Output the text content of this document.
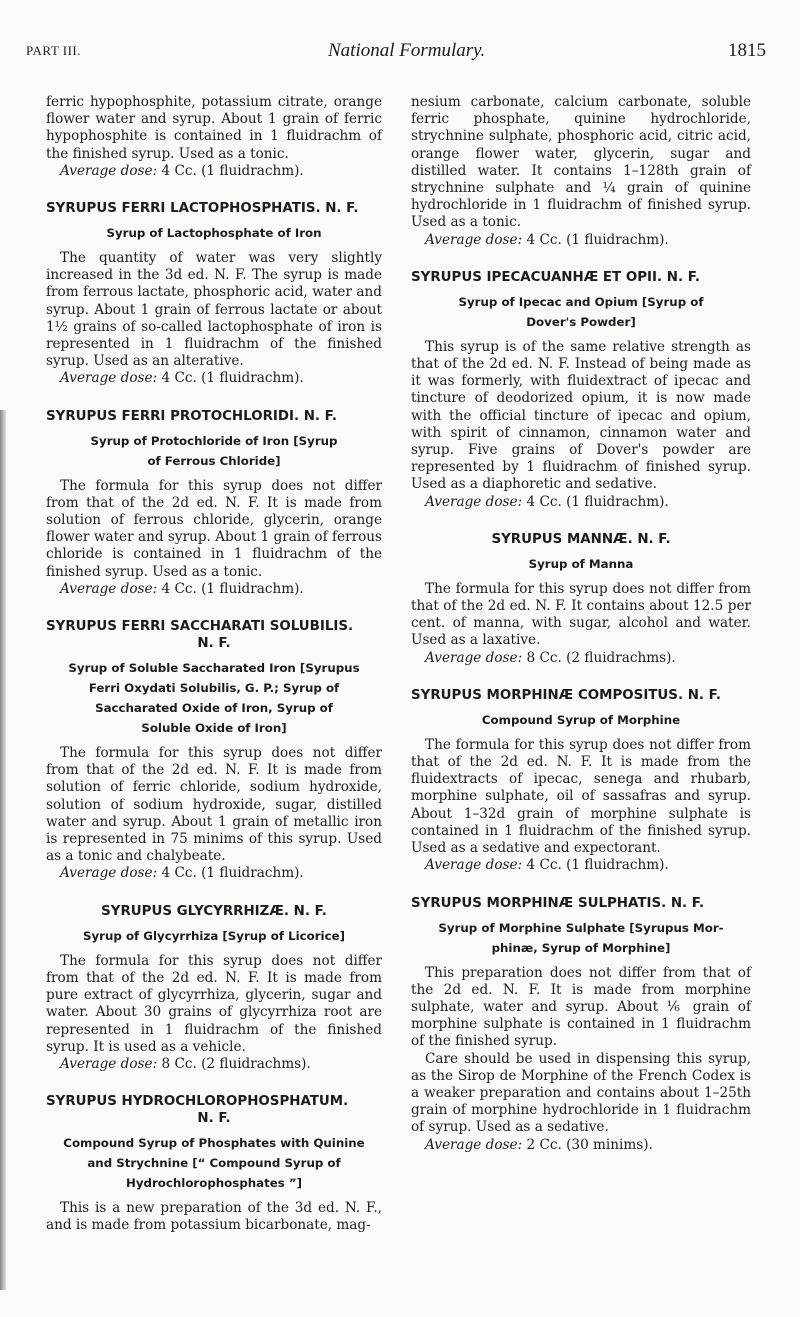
PART III.	National Formulary.	1815

ferric hypophosphite, potassium citrate, orange flower water and syrup. About 1 grain of ferric hypophosphite is contained in 1 fluidrachm of the finished syrup. Used as a tonic.

Average dose: 4 Cc. (1 fluidrachm).

SYRUPUS FERRI LACTOPHOSPHATIS. N. F.
Syrup of Lactophosphate of Iron

The quantity of water was very slightly increased in the 3d ed. N. F. The syrup is made from ferrous lactate, phosphoric acid, water and syrup. About 1 grain of ferrous lactate or about 1½ grains of so-called lactophosphate of iron is represented in 1 fluidrachm of the finished syrup. Used as an alterative.

Average dose: 4 Cc. (1 fluidrachm).

SYRUPUS FERRI PROTOCHLORIDI. N. F.
Syrup of Protochloride of Iron [Syrup
of Ferrous Chloride]

The formula for this syrup does not differ from that of the 2d ed. N. F. It is made from solution of ferrous chloride, glycerin, orange flower water and syrup. About 1 grain of ferrous chloride is contained in 1 fluidrachm of the finished syrup. Used as a tonic.

Average dose: 4 Cc. (1 fluidrachm).

SYRUPUS FERRI SACCHARATI SOLUBILIS.
N. F.
Syrup of Soluble Saccharated Iron [Syrupus
Ferri Oxydati Solubilis, G. P.; Syrup of
Saccharated Oxide of Iron, Syrup of
Soluble Oxide of Iron]

The formula for this syrup does not differ from that of the 2d ed. N. F. It is made from solution of ferric chloride, sodium hydroxide, solution of sodium hydroxide, sugar, distilled water and syrup. About 1 grain of metallic iron is represented in 75 minims of this syrup. Used as a tonic and chalybeate.

Average dose: 4 Cc. (1 fluidrachm).

SYRUPUS GLYCYRRHIZÆ. N. F.
Syrup of Glycyrrhiza [Syrup of Licorice]

The formula for this syrup does not differ from that of the 2d ed. N. F. It is made from pure extract of glycyrrhiza, glycerin, sugar and water. About 30 grains of glycyrrhiza root are represented in 1 fluidrachm of the finished syrup. It is used as a vehicle.

Average dose: 8 Cc. (2 fluidrachms).

SYRUPUS HYDROCHLOROPHOSPHATUM.
N. F.
Compound Syrup of Phosphates with Quinine
and Strychnine [“ Compound Syrup of
Hydrochlorophosphates ”]

This is a new preparation of the 3d ed. N. F., and is made from potassium bicarbonate, mag-

nesium carbonate, calcium carbonate, soluble ferric phosphate, quinine hydrochloride, strychnine sulphate, phosphoric acid, citric acid, orange flower water, glycerin, sugar and distilled water. It contains 1–128th grain of strychnine sulphate and ¼ grain of quinine hydrochloride in 1 fluidrachm of finished syrup. Used as a tonic.

Average dose: 4 Cc. (1 fluidrachm).

SYRUPUS IPECACUANHÆ ET OPII. N. F.
Syrup of Ipecac and Opium [Syrup of
Dover's Powder]

This syrup is of the same relative strength as that of the 2d ed. N. F. Instead of being made as it was formerly, with fluidextract of ipecac and tincture of deodorized opium, it is now made with the official tincture of ipecac and opium, with spirit of cinnamon, cinnamon water and syrup. Five grains of Dover's powder are represented by 1 fluidrachm of finished syrup. Used as a diaphoretic and sedative.

Average dose: 4 Cc. (1 fluidrachm).

SYRUPUS MANNÆ. N. F.
Syrup of Manna

The formula for this syrup does not differ from that of the 2d ed. N. F. It contains about 12.5 per cent. of manna, with sugar, alcohol and water. Used as a laxative.

Average dose: 8 Cc. (2 fluidrachms).

SYRUPUS MORPHINÆ COMPOSITUS. N. F.
Compound Syrup of Morphine

The formula for this syrup does not differ from that of the 2d ed. N. F. It is made from the fluidextracts of ipecac, senega and rhubarb, morphine sulphate, oil of sassafras and syrup. About 1–32d grain of morphine sulphate is contained in 1 fluidrachm of the finished syrup. Used as a sedative and expectorant.

Average dose: 4 Cc. (1 fluidrachm).

SYRUPUS MORPHINÆ SULPHATIS. N. F.
Syrup of Morphine Sulphate [Syrupus Mor-
phinæ, Syrup of Morphine]

This preparation does not differ from that of the 2d ed. N. F. It is made from morphine sulphate, water and syrup. About ⅙ grain of morphine sulphate is contained in 1 fluidrachm of the finished syrup.

Care should be used in dispensing this syrup, as the Sirop de Morphine of the French Codex is a weaker preparation and contains about 1–25th grain of morphine hydrochloride in 1 fluidrachm of syrup. Used as a sedative.

Average dose: 2 Cc. (30 minims).
